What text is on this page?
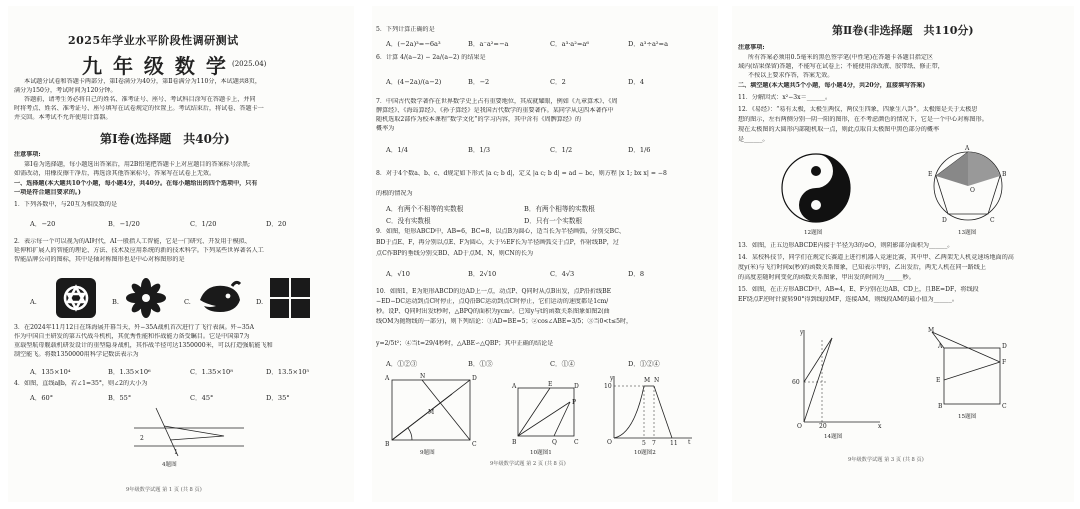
2025年学业水平阶段性调研测试
九 年 级 数 学 (2025.04)
本试题分试卷和答题卡两部分，第Ⅰ卷满分为40分，第Ⅱ卷满分为110分，本试题共8页，
满分为150分，考试时间为120分钟。
答题前，请考生务必将自己的姓名、准考证号、座号、考试科目涂写在答题卡上，并同
时将考点、姓名、准考证号、座号填写在试卷规定的位置上。考试结束后，将试卷、答题卡一
并交回。本考试不允许使用计算器。
第Ⅰ卷(选择题　共40分)
注意事项:
第Ⅰ卷为选择题，每小题选出答案后，用2B铅笔把答题卡上对应题目的答案标号涂黑;
如需改动，用橡皮擦干净后，再选涂其他答案标号，答案写在试卷上无效。
一、选择题(本大题共10个小题，每小题4分，共40分。在每小题给出的四个选项中，只有
一项是符合题目要求的。)
1．下列各数中，与20互为相反数的是
A．−20	B．−1/20	C．1/20	D．20
2．表示每一个可以视为的AI时代，AI一般指人工智能，它是一门研究、开发用于模拟、
延伸和扩展人的智能的理论、方法、技术及应用系统的新的技术科学。下列某些世界著名人工
智能品牌公司的图标，其中是轴对称图形也是中心对称图形的是
A.	B.	C.	D.
3．在2024年11月12日在珠海展开幕当天，歼−35A战机首次进行了飞行表演。歼−35A
作为中国自主研发的第五代战斗机机，其优秀性能和作战能力备受瞩目。它是中国第7为
重载型航母舰载机研发设计的重型隐身战机，其作战半径可达1350000米，可以打造强航能飞和
制空能飞。将数1350000用科学记数法表示为
A．135×10⁴	B．1.35×10⁶	C．1.35×10⁸	D．13.5×10⁵
4．如图，直线a∥b，若∠1=35°，则∠2的大小为
A．60°	B．55°	C．45°	D．35°
2
1
4题图
9年级数学试题 第 1 页 (共 8 页)
5．下列计算正确的是
A．(−2a)³=−6a³	B．a⁻a²=−a	C．a³·a²=a⁶	D．a³÷a²=a
6．计算 4/(a−2) − 2a/(a−2) 的结果是
A．(4−2a)/(a−2)	B．−2	C．2	D．4
7．中国古代数学著作在世界数学史上占有重要地位，其成就耀眼，例如《九章算术》、《周
髀算经》、《海岛算经》、《孙子算经》是我国古代数学的重要著作。某同学从这四本著作中
随机选取2部作为校本课程“数学文化”的学习内容，其中含有《周髀算经》的
概率为
A．1/4	B．1/3	C．1/2	D．1/6
8．对于4个数a、b、c、d规定如下形式 |a c; b d|，定义 |a c; b d| = ad − bc，则方程 |x 1; bx x| = −8
的根的情况为
A．有两个不相等的实数根	B．有两个相等的实数根
C．没有实数根	D．只有一个实数根
9．如图，矩形ABCD中，AB=6，BC=8，以点B为圆心，适当长为半径画弧，分别交BC、
BD于点E、F，再分别以点E、F为圆心，大于½EF长为半径画弧交于点P，作射线BP，过
点C作BP的垂线分别交BD、AD于点M、N，则CN的长为
A．√10	B．2√10	C．4√3	D．8
10．如图1，E为矩形ABCD的边AD上一点，动点P、Q同时从点B出发，点P沿折线BE
−ED−DC运动到点C时停止，点Q沿BC运动到点C时停止，它们运动的速度都是1cm/
秒。设P、Q同时出发t秒时，△BPQ的面积为ycm²。已知y与t的函数关系图象如图2(曲
线OM为抛物线的一部分)，则下列结论：①AD=BE=5；②cos∠ABE=3/5；③当0<t≤5时，
y=2/5t²；④当t=29/4秒时，△ABE∽△QBP；其中正确的结论是
A．①②③	B．①③	C．①④	D．①②④
A	D
B	C
N
M
9题图
A	E	D
B	Q	C
P
10题图1
10
y
O	5 7 11 t
M N
10题图2
9年级数学试题 第 2 页 (共 8 页)
第Ⅱ卷(非选择题　共110分)
注意事项:
所有答案必须用0.5毫米的黑色签字笔(中性笔)在答题卡各题目指定区
域内(结果保留)答题，不能写在试卷上；不能使用涂改液、胶带纸、修正带，
不按以上要求作答，答案无效。
二、填空题(本大题共5个小题，每小题4分，共20分，直接填写答案)
11．分解因式：x²−3x＝______。
12．《易经》：“易有太极，太极生两仪，两仪生四象，四象生八卦”。太极图是关于太极思
想的图示，左右两侧分别一阴一阳的图形，在不考虑颜色的情况下，它是一个中心对称图形。
现在太极图的大圆形内部随机取一点，则此点取自太极图中黑色部分的概率
是______。
12题图
A
B
C
D
E
O
13题图
13．如图，正五边形ABCDE内接于半径为3的⊙O，则阴影部分面积为______。
14．某校科技节，同学们在规定长赛道上进行机器人竞速比赛，其中甲、乙两架无人机竞速场地面的高
度y(米)与飞行时间x(秒)的函数关系图象，已知表示甲的，乙出发后，两无人机在同一路线上
的高度差随时间变化的函数关系图象，甲出发的时间为______秒。
15．如图，在正方形ABCD中，AB=4，E、F分别在边AB、CD上，且BE=DF，将线段
EF绕点F逆时针旋转90°得到线段MF，连接AM，则线段AM的最小值为______。
y
60
O	20	x
14题图
M
A	D
B	C
E
F
15题图
9年级数学试题 第 3 页 (共 8 页)
